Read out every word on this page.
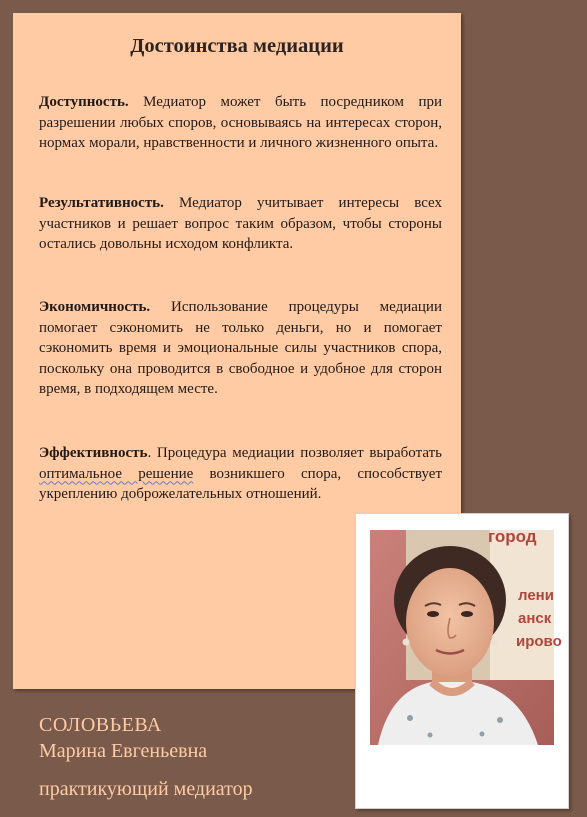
Достоинства медиации

Доступность. Медиатор может быть посредником при разрешении любых споров, основываясь на интересах сторон, нормах морали, нравственности и личного жизненного опыта.

Результативность. Медиатор учитывает интересы всех участников и решает вопрос таким образом, чтобы стороны остались довольны исходом конфликта.

Экономичность. Использование процедуры медиации помогает сэкономить не только деньги, но и помогает сэкономить время и эмоциональные силы участников спора, поскольку она проводится в свободное и удобное для сторон время, в подходящем месте.

Эффективность. Процедура медиации позволяет выработать оптимальное решение возникшего спора, способствует укреплению доброжелательных отношений.

СОЛОВЬЕВА
Марина Евгеньевна
практикующий медиатор
город
лени
анск
ирово
